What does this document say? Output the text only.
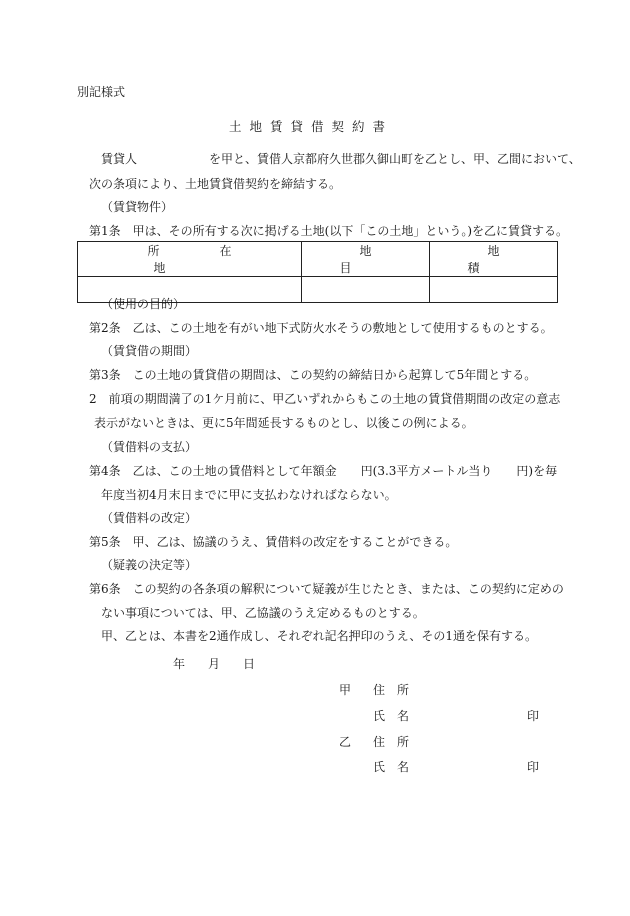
別記様式
土地賃貸借契約書
賃貸人　　　　　　を甲と、賃借人京都府久世郡久御山町を乙とし、甲、乙間において、
次の条項により、土地賃貸借契約を締結する。
（賃貸物件）
第1条　甲は、その所有する次に掲げる土地(以下「この土地」という。)を乙に賃貸する。
所在地	地目	地積

（使用の目的）
第2条　乙は、この土地を有がい地下式防火水そうの敷地として使用するものとする。
（賃貸借の期間）
第3条　この土地の賃貸借の期間は、この契約の締結日から起算して5年間とする。
2　前項の期間満了の1ケ月前に、甲乙いずれからもこの土地の賃貸借期間の改定の意志
表示がないときは、更に5年間延長するものとし、以後この例による。
（賃借料の支払）
第4条　乙は、この土地の賃借料として年額金　　円(3.3平方メートル当り　　円)を毎
年度当初4月末日までに甲に支払わなければならない。
（賃借料の改定）
第5条　甲、乙は、協議のうえ、賃借料の改定をすることができる。
（疑義の決定等）
第6条　この契約の各条項の解釈について疑義が生じたとき、または、この契約に定めの
ない事項については、甲、乙協議のうえ定めるものとする。
甲、乙とは、本書を2通作成し、それぞれ記名押印のうえ、その1通を保有する。
年 月 日
甲 住　所
氏　名	印
乙 住　所
氏　名	印
